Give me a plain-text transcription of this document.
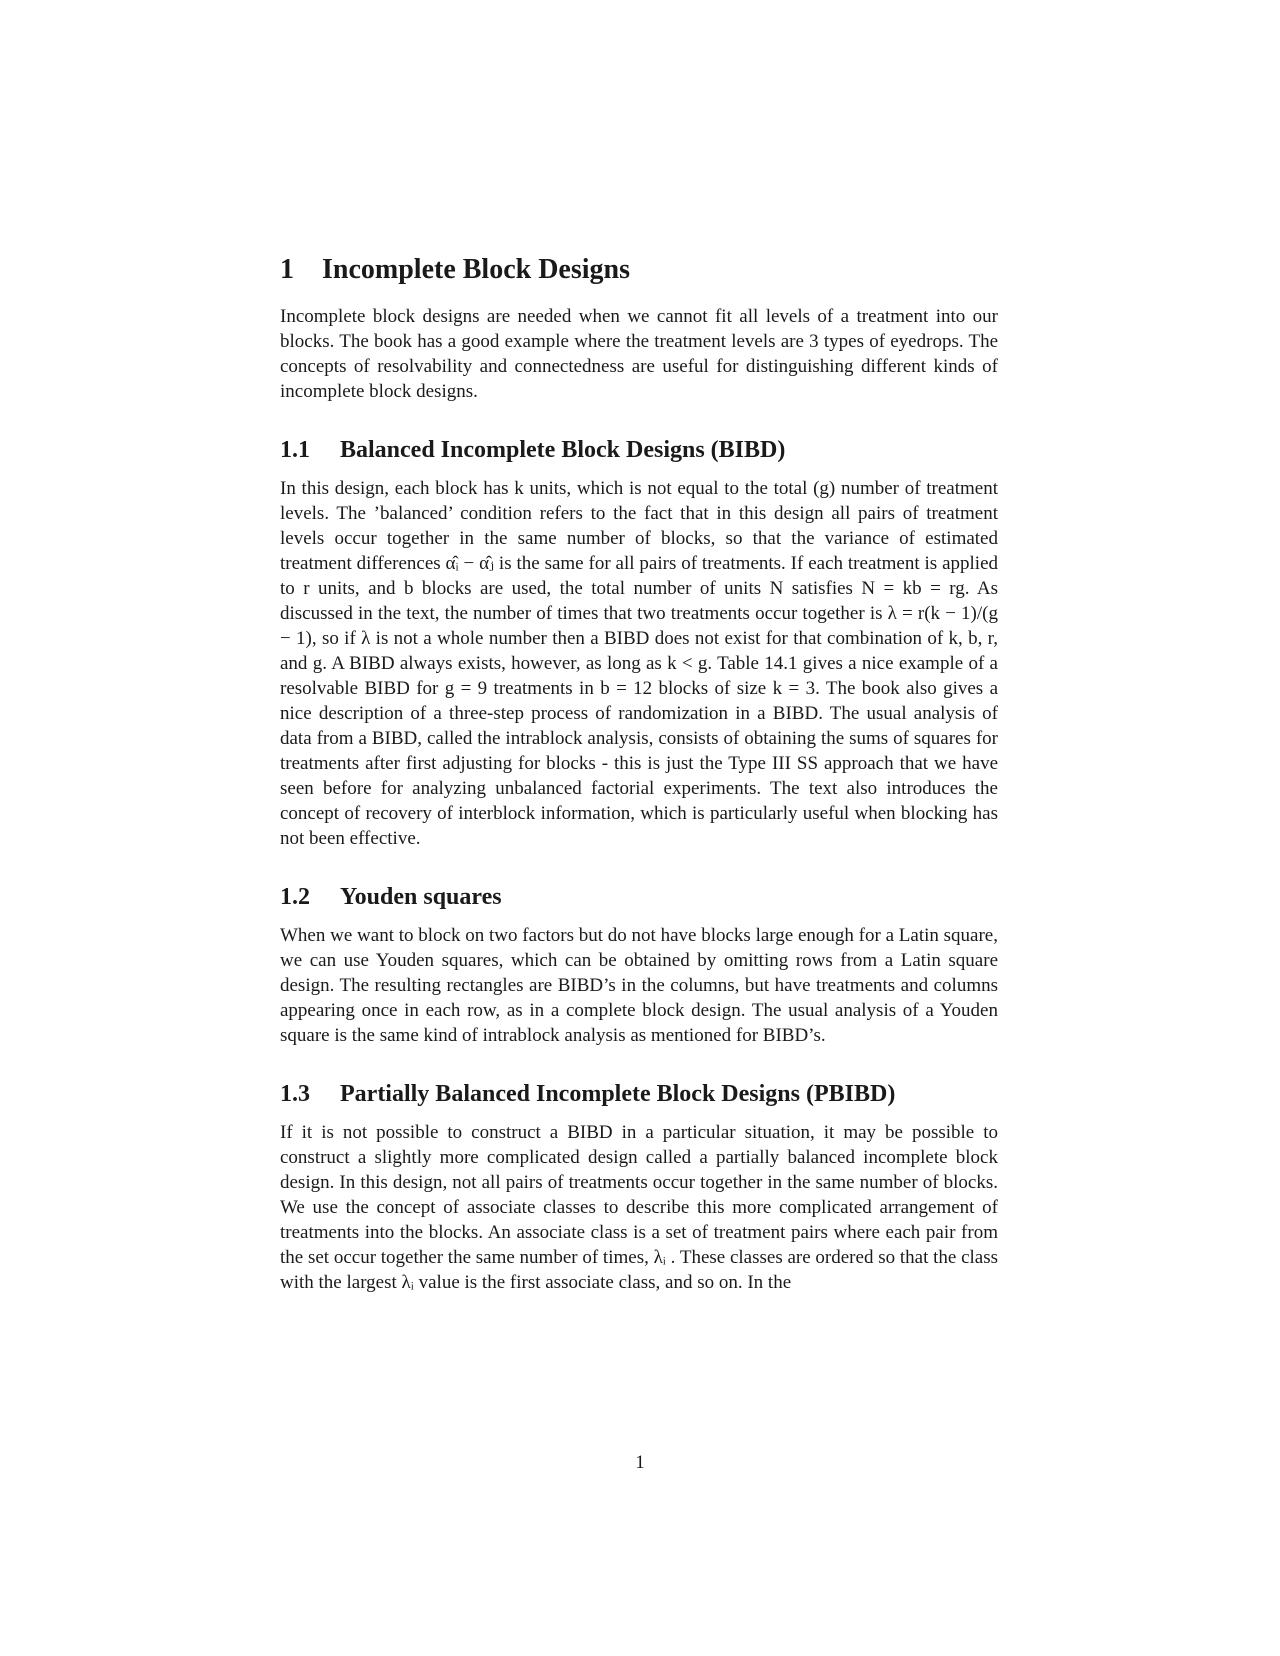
1 Incomplete Block Designs

Incomplete block designs are needed when we cannot fit all levels of a treatment into our blocks. The book has a good example where the treatment levels are 3 types of eyedrops. The concepts of resolvability and connectedness are useful for distinguishing different kinds of incomplete block designs.

1.1 Balanced Incomplete Block Designs (BIBD)

In this design, each block has k units, which is not equal to the total (g) number of treatment levels. The ’balanced’ condition refers to the fact that in this design all pairs of treatment levels occur together in the same number of blocks, so that the variance of estimated treatment differences α̂ᵢ − α̂ⱼ is the same for all pairs of treatments. If each treatment is applied to r units, and b blocks are used, the total number of units N satisfies N = kb = rg. As discussed in the text, the number of times that two treatments occur together is λ = r(k − 1)/(g − 1), so if λ is not a whole number then a BIBD does not exist for that combination of k, b, r, and g. A BIBD always exists, however, as long as k < g. Table 14.1 gives a nice example of a resolvable BIBD for g = 9 treatments in b = 12 blocks of size k = 3. The book also gives a nice description of a three-step process of randomization in a BIBD. The usual analysis of data from a BIBD, called the intrablock analysis, consists of obtaining the sums of squares for treatments after first adjusting for blocks - this is just the Type III SS approach that we have seen before for analyzing unbalanced factorial experiments. The text also introduces the concept of recovery of interblock information, which is particularly useful when blocking has not been effective.

1.2 Youden squares

When we want to block on two factors but do not have blocks large enough for a Latin square, we can use Youden squares, which can be obtained by omitting rows from a Latin square design. The resulting rectangles are BIBD’s in the columns, but have treatments and columns appearing once in each row, as in a complete block design. The usual analysis of a Youden square is the same kind of intrablock analysis as mentioned for BIBD’s.

1.3 Partially Balanced Incomplete Block Designs (PBIBD)

If it is not possible to construct a BIBD in a particular situation, it may be possible to construct a slightly more complicated design called a partially balanced incomplete block design. In this design, not all pairs of treatments occur together in the same number of blocks. We use the concept of associate classes to describe this more complicated arrangement of treatments into the blocks. An associate class is a set of treatment pairs where each pair from the set occur together the same number of times, λᵢ . These classes are ordered so that the class with the largest λᵢ value is the first associate class, and so on. In the

1
